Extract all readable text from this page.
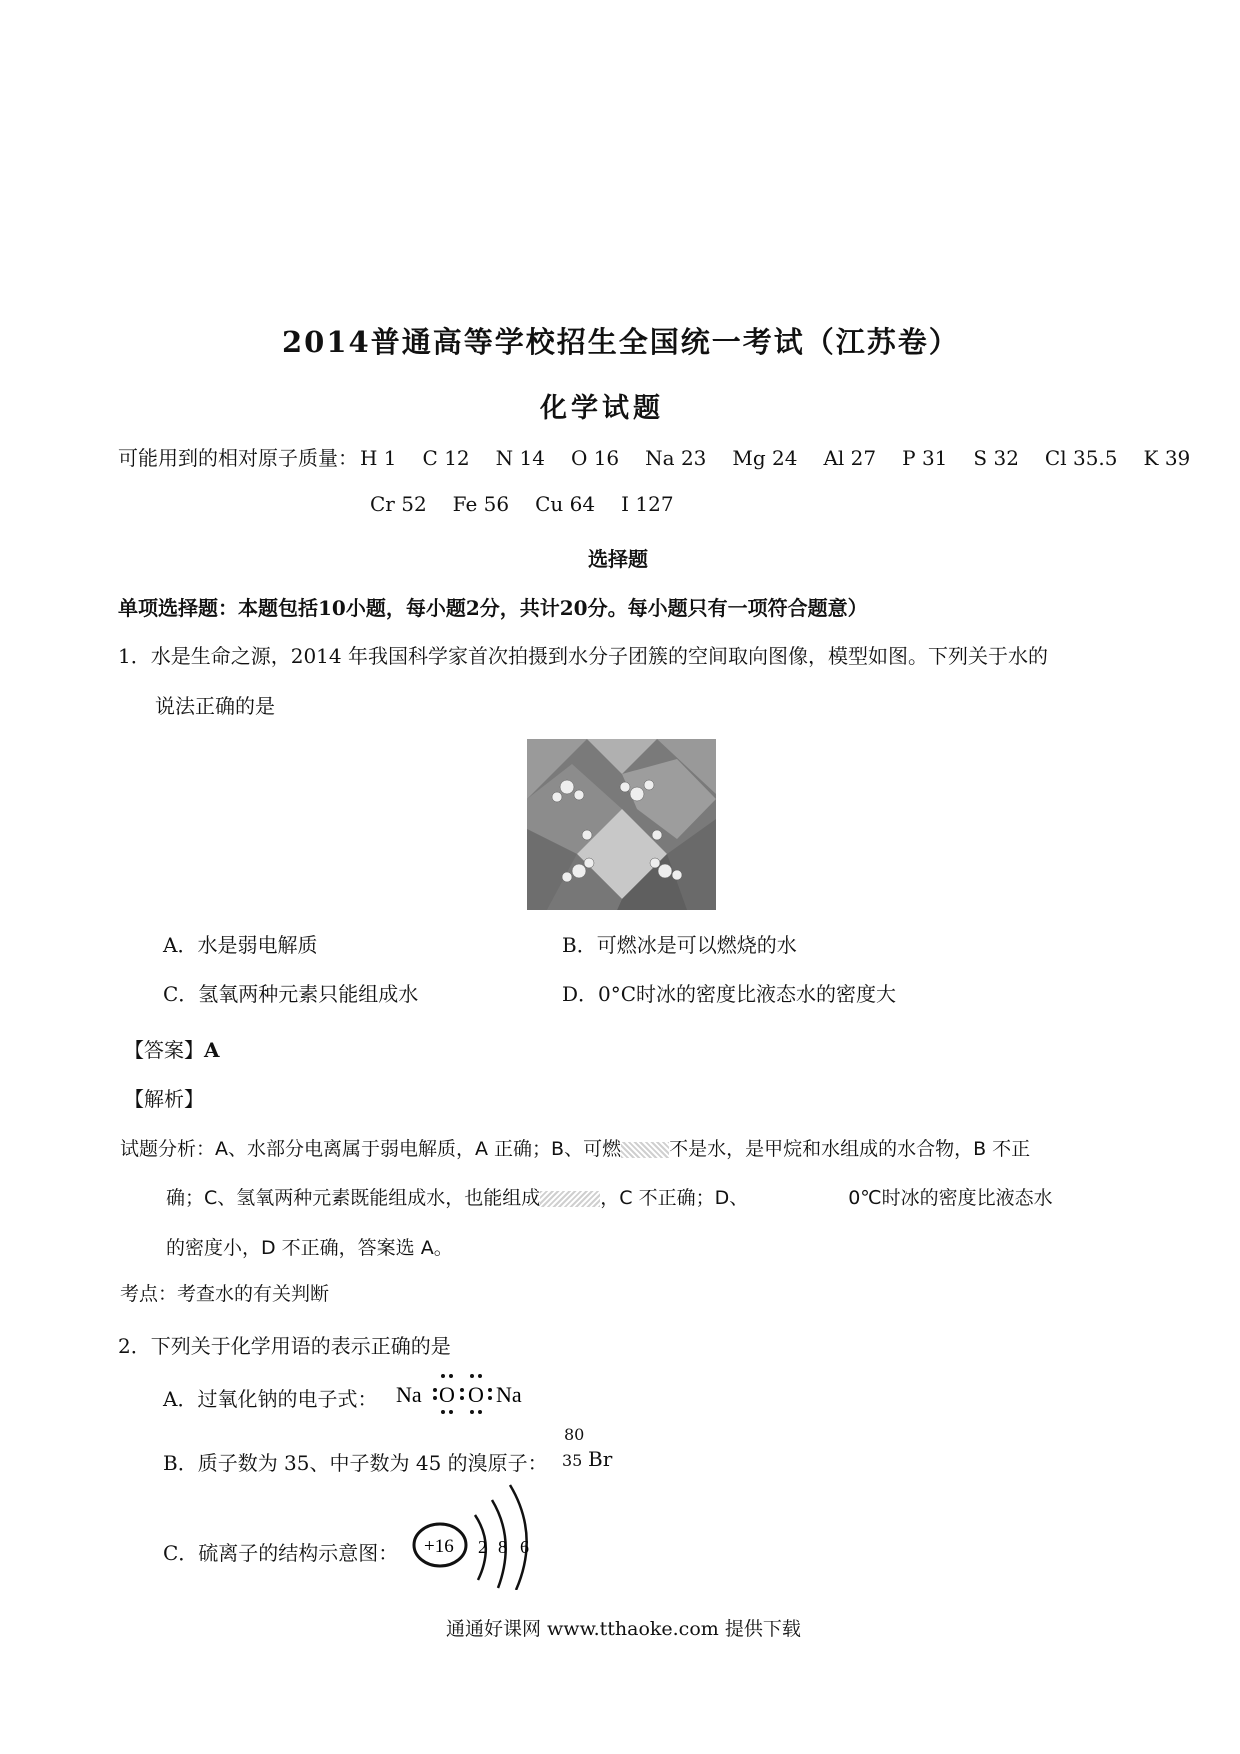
2014普通高等学校招生全国统一考试（江苏卷）
化学试题
可能用到的相对原子质量： H 1 C 12 N 14 O 16 Na 23 Mg 24 Al 27 P 31 S 32 Cl 35.5 K 39
Cr 52 Fe 56 Cu 64 I 127
选择题
单项选择题：本题包括10小题，每小题2分，共计20分。每小题只有一项符合题意）
1．水是生命之源，2014 年我国科学家首次拍摄到水分子团簇的空间取向图像，模型如图。下列关于水的
说法正确的是
A．水是弱电解质	B．可燃冰是可以燃烧的水
C．氢氧两种元素只能组成水	D．0°C时冰的密度比液态水的密度大
【答案】A
【解析】
试题分析：A、水部分电离属于弱电解质，A 正确；B、可燃	不是水，是甲烷和水组成的水合物，B 不正
确；C、氢氧两种元素既能组成水，也能组成	，C 不正确；D、	0℃时冰的密度比液态水
的密度小，D 不正确，答案选 A。
考点：考查水的有关判断
2．下列关于化学用语的表示正确的是
A．过氧化钠的电子式： Na O O Na
B．质子数为 35、中子数为 45 的溴原子：
80
35 Br
C．硫离子的结构示意图： +16 2 8 6
通通好课网 www.tthaoke.com 提供下载
